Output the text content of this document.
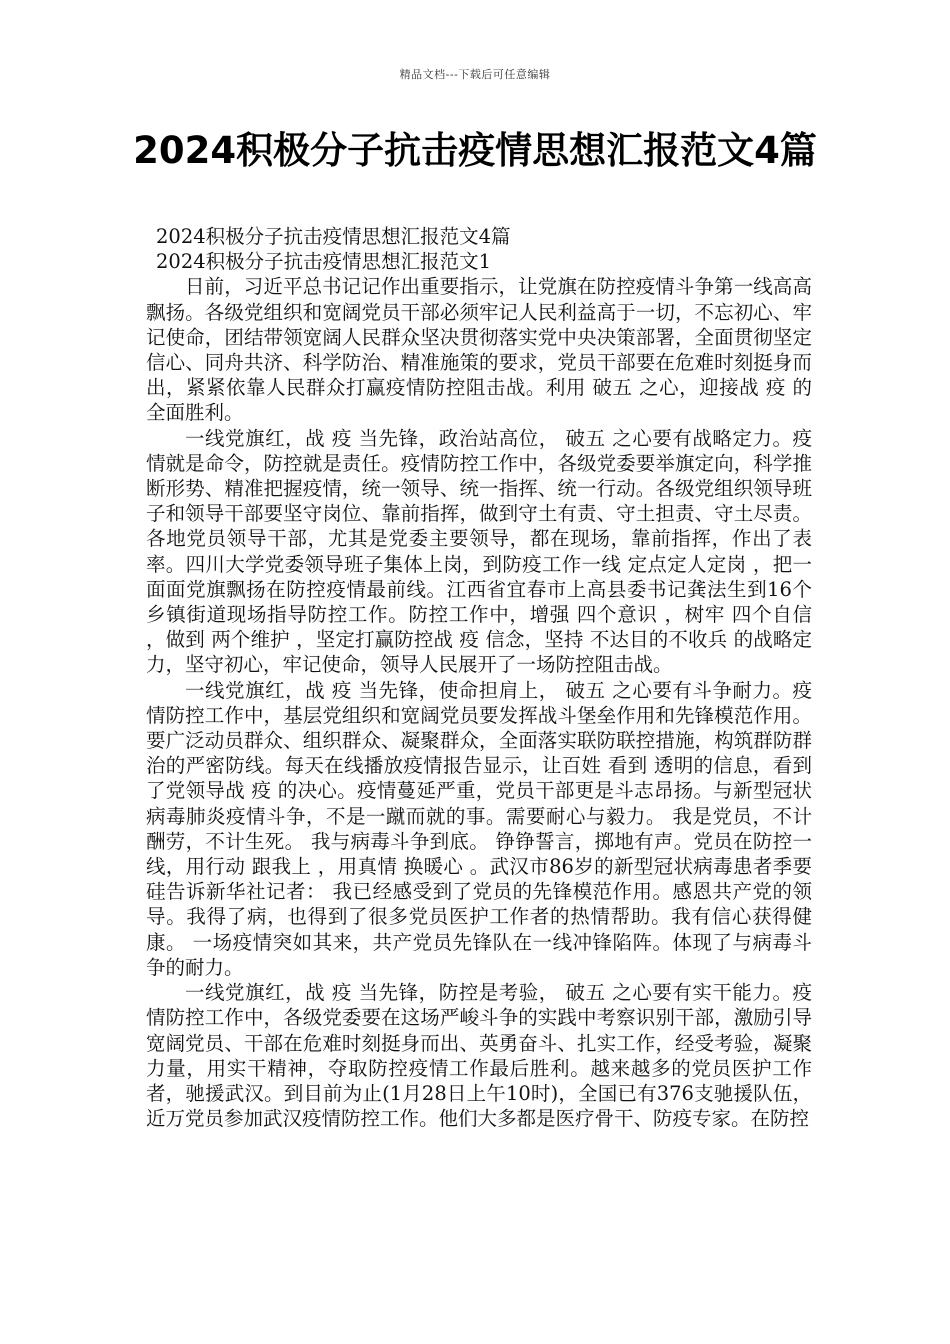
精品文档---下载后可任意编辑
2024积极分子抗击疫情思想汇报范文4篇

2024积极分子抗击疫情思想汇报范文4篇

2024积极分子抗击疫情思想汇报范文1

日前，习近平总书记记作出重要指示，让党旗在防控疫情斗争第一线高高飘扬。各级党组织和宽阔党员干部必须牢记人民利益高于一切，不忘初心、牢记使命，团结带领宽阔人民群众坚决贯彻落实党中央决策部署，全面贯彻坚定信心、同舟共济、科学防治、精准施策的要求，党员干部要在危难时刻挺身而出，紧紧依靠人民群众打赢疫情防控阻击战。利用 破五 之心，迎接战 疫 的全面胜利。

一线党旗红，战 疫 当先锋，政治站高位， 破五 之心要有战略定力。疫情就是命令，防控就是责任。疫情防控工作中，各级党委要举旗定向，科学推断形势、精准把握疫情，统一领导、统一指挥、统一行动。各级党组织领导班子和领导干部要坚守岗位、靠前指挥，做到守土有责、守土担责、守土尽责。各地党员领导干部，尤其是党委主要领导，都在现场，靠前指挥，作出了表率。四川大学党委领导班子集体上岗，到防疫工作一线 定点定人定岗 ，把一面面党旗飘扬在防控疫情最前线。江西省宜春市上高县委书记龚法生到16个乡镇街道现场指导防控工作。防控工作中，增强 四个意识 ，树牢 四个自信 ，做到 两个维护 ，坚定打赢防控战 疫 信念，坚持 不达目的不收兵 的战略定力，坚守初心，牢记使命，领导人民展开了一场防控阻击战。

一线党旗红，战 疫 当先锋，使命担肩上， 破五 之心要有斗争耐力。疫情防控工作中，基层党组织和宽阔党员要发挥战斗堡垒作用和先锋模范作用。要广泛动员群众、组织群众、凝聚群众，全面落实联防联控措施，构筑群防群治的严密防线。每天在线播放疫情报告显示，让百姓 看到 透明的信息，看到了党领导战 疫 的决心。疫情蔓延严重，党员干部更是斗志昂扬。与新型冠状病毒肺炎疫情斗争，不是一蹴而就的事。需要耐心与毅力。 我是党员，不计酬劳，不计生死。 我与病毒斗争到底。 铮铮誓言，掷地有声。党员在防控一线，用行动 跟我上 ，用真情 换暖心 。武汉市86岁的新型冠状病毒患者季要硅告诉新华社记者： 我已经感受到了党员的先锋模范作用。感恩共产党的领导。我得了病，也得到了很多党员医护工作者的热情帮助。我有信心获得健康。 一场疫情突如其来，共产党员先锋队在一线冲锋陷阵。体现了与病毒斗争的耐力。

一线党旗红，战 疫 当先锋，防控是考验， 破五 之心要有实干能力。疫情防控工作中，各级党委要在这场严峻斗争的实践中考察识别干部，激励引导宽阔党员、干部在危难时刻挺身而出、英勇奋斗、扎实工作，经受考验，凝聚力量，用实干精神，夺取防控疫情工作最后胜利。越来越多的党员医护工作者，驰援武汉。到目前为止(1月28日上午10时)，全国已有376支驰援队伍，近万党员参加武汉疫情防控工作。他们大多都是医疗骨干、防疫专家。在防控
